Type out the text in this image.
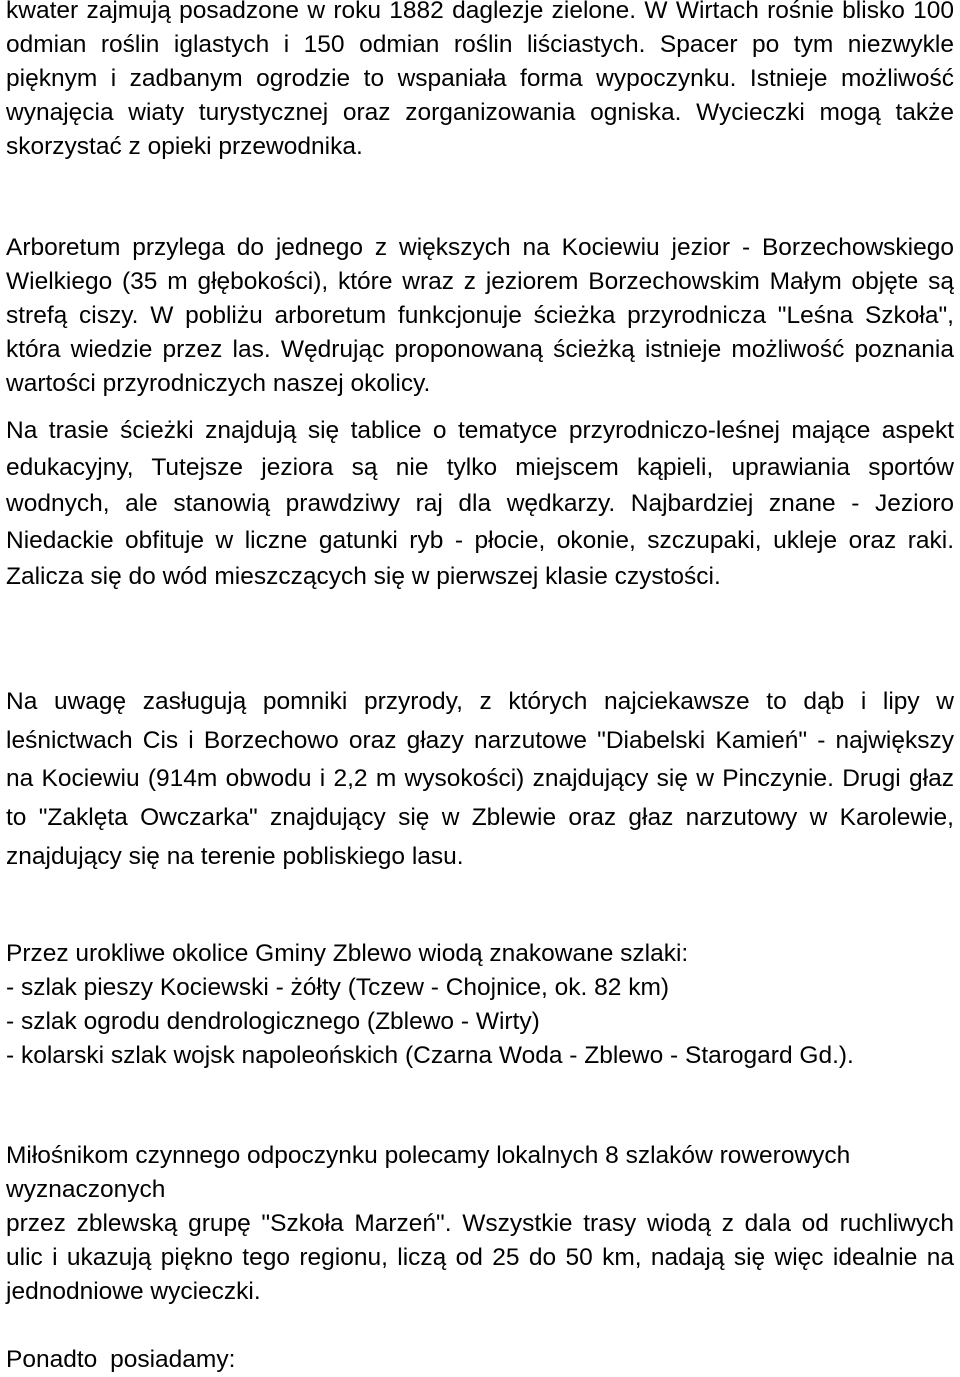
kwater zajmują posadzone w roku 1882 daglezje zielone. W Wirtach rośnie blisko 100 odmian roślin iglastych i 150 odmian roślin liściastych. Spacer po tym niezwykle pięknym i zadbanym ogrodzie to wspaniała forma wypoczynku. Istnieje możliwość wynajęcia wiaty turystycznej oraz zorganizowania ogniska. Wycieczki mogą także skorzystać z opieki przewodnika.

Arboretum przylega do jednego z większych na Kociewiu jezior - Borzechowskiego Wielkiego (35 m głębokości), które wraz z jeziorem Borzechowskim Małym objęte są strefą ciszy. W pobliżu arboretum funkcjonuje ścieżka przyrodnicza "Leśna Szkoła", która wiedzie przez las. Wędrując proponowaną ścieżką istnieje możliwość poznania wartości przyrodniczych naszej okolicy.

Na trasie ścieżki znajdują się tablice o tematyce przyrodniczo-leśnej mające aspekt edukacyjny, Tutejsze jeziora są nie tylko miejscem kąpieli, uprawiania sportów wodnych, ale stanowią prawdziwy raj dla wędkarzy. Najbardziej znane - Jezioro Niedackie obfituje w liczne gatunki ryb - płocie, okonie, szczupaki, ukleje oraz raki. Zalicza się do wód mieszczących się w pierwszej klasie czystości.

Na uwagę zasługują pomniki przyrody, z których najciekawsze to dąb i lipy w leśnictwach Cis i Borzechowo oraz głazy narzutowe "Diabelski Kamień" - największy na Kociewiu (914m obwodu i 2,2 m wysokości) znajdujący się w Pinczynie. Drugi głaz to "Zaklęta Owczarka" znajdujący się w Zblewie oraz głaz narzutowy w Karolewie, znajdujący się na terenie pobliskiego lasu.

Przez urokliwe okolice Gminy Zblewo wiodą znakowane szlaki:
- szlak pieszy Kociewski - żółty (Tczew - Chojnice, ok. 82 km)
- szlak ogrodu dendrologicznego (Zblewo - Wirty)
- kolarski szlak wojsk napoleońskich (Czarna Woda - Zblewo - Starogard Gd.).
Miłośnikom czynnego odpoczynku polecamy lokalnych 8 szlaków rowerowych wyznaczonych
przez zblewską grupę "Szkoła Marzeń". Wszystkie trasy wiodą z dala od ruchliwych ulic i ukazują piękno tego regionu, liczą od 25 do 50 km, nadają się więc idealnie na jednodniowe wycieczki.

Ponadto posiadamy:
